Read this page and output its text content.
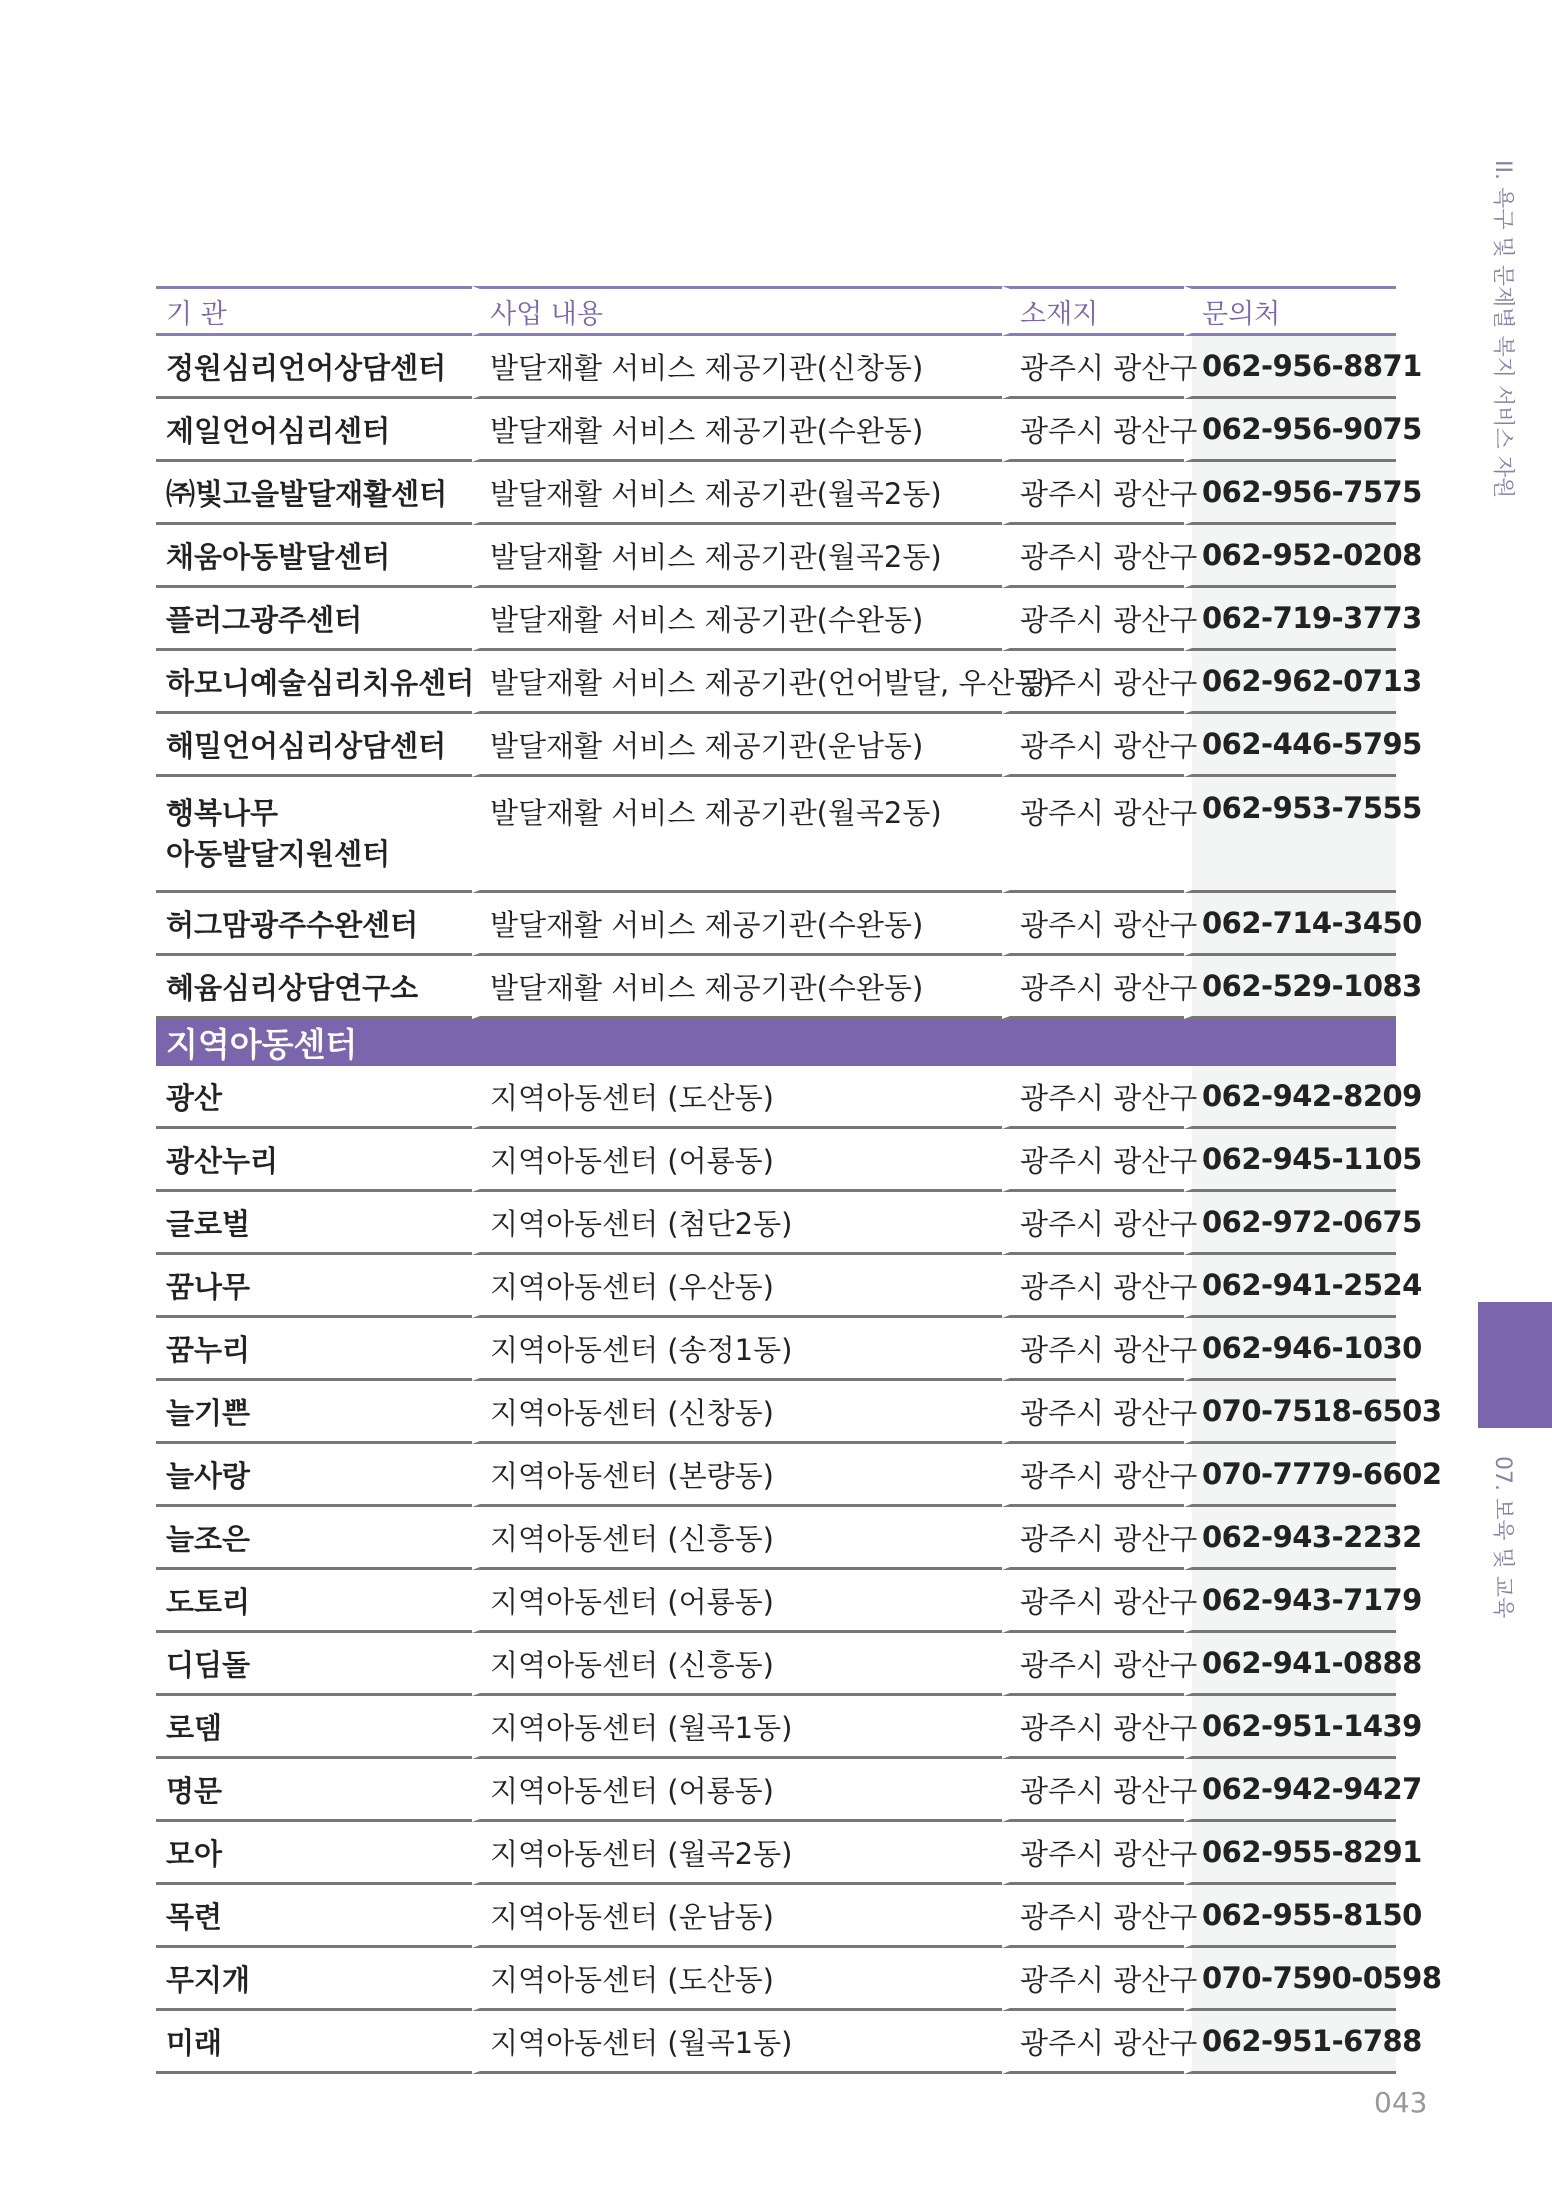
II. 욕구 및 문제별 복지 서비스 자원
07. 보육 및 교육
기 관	사업 내용	소재지	문의처
정원심리언어상담센터	발달재활 서비스 제공기관(신창동)	광주시 광산구	062-956-8871
제일언어심리센터	발달재활 서비스 제공기관(수완동)	광주시 광산구	062-956-9075
㈜빛고을발달재활센터	발달재활 서비스 제공기관(월곡2동)	광주시 광산구	062-956-7575
채움아동발달센터	발달재활 서비스 제공기관(월곡2동)	광주시 광산구	062-952-0208
플러그광주센터	발달재활 서비스 제공기관(수완동)	광주시 광산구	062-719-3773
하모니예술심리치유센터	발달재활 서비스 제공기관(언어발달, 우산동)	광주시 광산구	062-962-0713
해밀언어심리상담센터	발달재활 서비스 제공기관(운남동)	광주시 광산구	062-446-5795

행복나무
아동발달지원센터	발달재활 서비스 제공기관(월곡2동)	광주시 광산구	062-953-7555
허그맘광주수완센터	발달재활 서비스 제공기관(수완동)	광주시 광산구	062-714-3450
혜윰심리상담연구소	발달재활 서비스 제공기관(수완동)	광주시 광산구	062-529-1083
지역아동센터			
광산	지역아동센터 (도산동)	광주시 광산구	062-942-8209
광산누리	지역아동센터 (어룡동)	광주시 광산구	062-945-1105
글로벌	지역아동센터 (첨단2동)	광주시 광산구	062-972-0675
꿈나무	지역아동센터 (우산동)	광주시 광산구	062-941-2524
꿈누리	지역아동센터 (송정1동)	광주시 광산구	062-946-1030
늘기쁜	지역아동센터 (신창동)	광주시 광산구	070-7518-6503
늘사랑	지역아동센터 (본량동)	광주시 광산구	070-7779-6602
늘조은	지역아동센터 (신흥동)	광주시 광산구	062-943-2232
도토리	지역아동센터 (어룡동)	광주시 광산구	062-943-7179
디딤돌	지역아동센터 (신흥동)	광주시 광산구	062-941-0888
로뎀	지역아동센터 (월곡1동)	광주시 광산구	062-951-1439
명문	지역아동센터 (어룡동)	광주시 광산구	062-942-9427
모아	지역아동센터 (월곡2동)	광주시 광산구	062-955-8291
목련	지역아동센터 (운남동)	광주시 광산구	062-955-8150
무지개	지역아동센터 (도산동)	광주시 광산구	070-7590-0598
미래	지역아동센터 (월곡1동)	광주시 광산구	062-951-6788
043
